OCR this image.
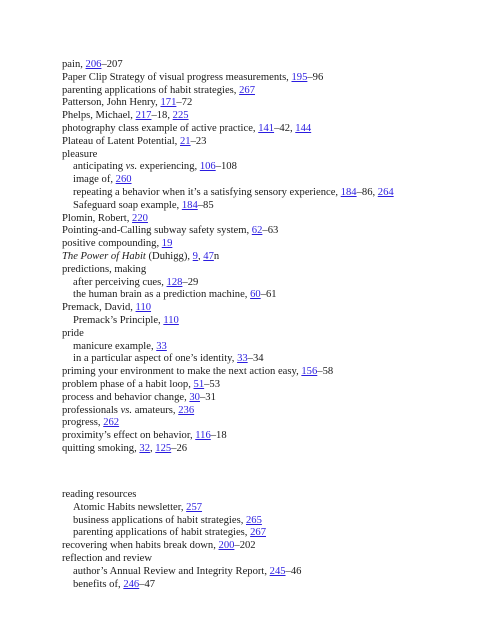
pain, 206–207
Paper Clip Strategy of visual progress measurements, 195–96
parenting applications of habit strategies, 267
Patterson, John Henry, 171–72
Phelps, Michael, 217–18, 225
photography class example of active practice, 141–42, 144
Plateau of Latent Potential, 21–23
pleasure
anticipating vs. experiencing, 106–108
image of, 260
repeating a behavior when it’s a satisfying sensory experience, 184–86, 264
Safeguard soap example, 184–85
Plomin, Robert, 220
Pointing-and-Calling subway safety system, 62–63
positive compounding, 19
The Power of Habit (Duhigg), 9, 47n
predictions, making
after perceiving cues, 128–29
the human brain as a prediction machine, 60–61
Premack, David, 110
Premack’s Principle, 110
pride
manicure example, 33
in a particular aspect of one’s identity, 33–34
priming your environment to make the next action easy, 156–58
problem phase of a habit loop, 51–53
process and behavior change, 30–31
professionals vs. amateurs, 236
progress, 262
proximity’s effect on behavior, 116–18
quitting smoking, 32, 125–26
reading resources
Atomic Habits newsletter, 257
business applications of habit strategies, 265
parenting applications of habit strategies, 267
recovering when habits break down, 200–202
reflection and review
author’s Annual Review and Integrity Report, 245–46
benefits of, 246–47
